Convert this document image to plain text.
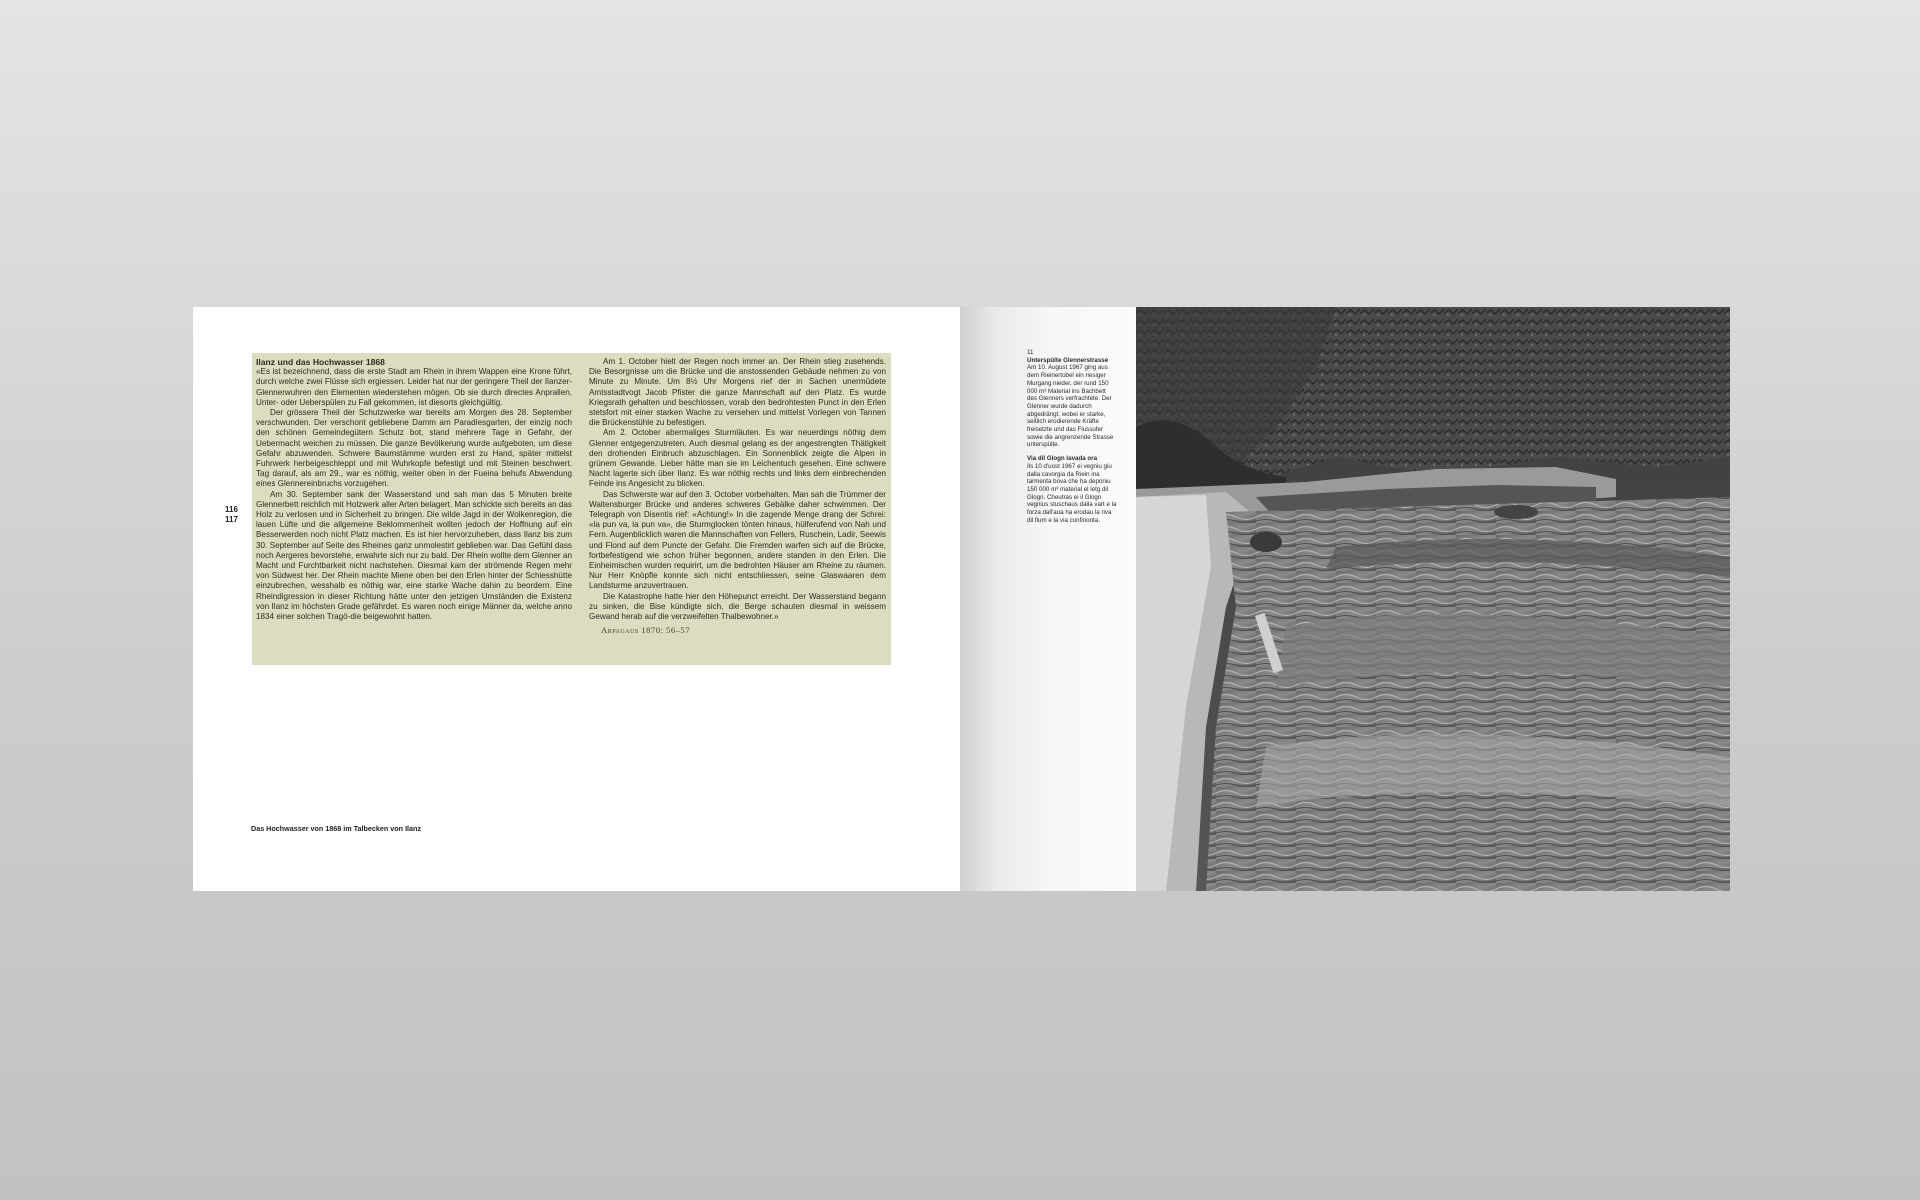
116
117

Ilanz und das Hochwasser 1868

«Es ist bezeichnend, dass die erste Stadt am Rhein in ihrem Wappen eine Krone führt, durch welche zwei Flüsse sich ergiessen. Leider hat nur der geringere Theil der Ilanzer-Glennerwuhren den Elementen wiederstehen mögen. Ob sie durch directes Anprallen, Unter- oder Ueberspülen zu Fall gekommen, ist diesorts gleichgültig.

Der grössere Theil der Schutzwerke war bereits am Morgen des 28. September verschwunden. Der verschont gebliebene Damm am Paradiesgarten, der einzig noch den schönen Gemeindegütern Schutz bot, stand mehrere Tage in Gefahr, der Uebermacht weichen zu müssen. Die ganze Bevölkerung wurde aufgeboten, um diese Gefahr abzuwenden. Schwere Baumstämme wurden erst zu Hand, später mittelst Fuhrwerk herbeigeschleppt und mit Wuhrkopfe befestigt und mit Steinen beschwert. Tag darauf, als am 29., war es nöthig, weiter oben in der Fueina behufs Abwendung eines Glennereinbruchs vorzugehen.

Am 30. September sank der Wasserstand und sah man das 5 Minuten breite Glennerbett reichlich mit Holzwerk aller Arten belagert. Man schickte sich bereits an das Holz zu verlosen und in Sicherheit zu bringen. Die wilde Jagd in der Wolkenregion, die lauen Lüfte und die allgemeine Beklommenheit wollten jedoch der Hoffnung auf ein Besserwerden noch nicht Platz machen. Es ist hier hervorzuheben, dass Ilanz bis zum 30. September auf Seite des Rheines ganz unmolestirt geblieben war. Das Gefühl dass noch Aergeres bevorstehe, erwahrte sich nur zu bald. Der Rhein wollte dem Glenner an Macht und Furchtbarkeit nicht nachstehen. Diesmal kam der strömende Regen mehr von Südwest her. Der Rhein machte Miene oben bei den Erlen hinter der Schiesshütte einzubrechen, wesshalb es nöthig war, eine starke Wache dahin zu beordern. Eine Rheindigression in dieser Richtung hätte unter den jetzigen Umständen die Existenz von Ilanz im höchsten Grade gefährdet. Es waren noch einige Männer da, welche anno 1834 einer solchen Tragö-die beigewohnt hatten.

Am 1. October hielt der Regen noch immer an. Der Rhein stieg zusehends. Die Besorgnisse um die Brücke und die anstossenden Gebäude nehmen zu von Minute zu Minute. Um 8½ Uhr Morgens rief der in Sachen unermüdete Amtsstadtvogt Jacob Pfister die ganze Mannschaft auf den Platz. Es wurde Kriegsrath gehalten und beschlossen, vorab den bedrohtesten Punct in den Erlen stetsfort mit einer starken Wache zu versehen und mittelst Vorlegen von Tannen die Brückenstühle zu befestigen.

Am 2. October abermaliges Sturmläuten. Es war neuerdings nöthig dem Glenner entgegenzutreten. Auch diesmal gelang es der angestrengten Thätigkeit den drohenden Einbruch abzuschlagen. Ein Sonnenblick zeigte die Alpen in grünem Gewande. Lieber hätte man sie im Leichentuch gesehen. Eine schwere Nacht lagerte sich über Ilanz. Es war nöthig rechts und links dem einbrechenden Feinde ins Angesicht zu blicken.

Das Schwerste war auf den 3. October vorbehalten. Man sah die Trümmer der Waltensburger Brücke und anderes schweres Gebälke daher schwimmen. Der Telegraph von Disentis rief: «Achtung!» In die zagende Menge drang der Schrei: «la pun va, la pun va», die Sturmglocken tönten hinaus, hülferufend von Nah und Fern. Augenblicklich waren die Mannschaften von Fellers, Ruschein, Ladir, Seewis und Flond auf dem Puncte der Gefahr. Die Fremden warfen sich auf die Brücke, fortbefestigend wie schon früher begonnen, andere standen in den Erlen. Die Einheimischen wurden requirirt, um die bedrohten Häuser am Rheine zu räumen. Nur Herr Knöpfle konnte sich nicht entschliessen, seine Glaswaaren dem Landsturme anzuvertrauen.

Die Katastrophe hatte hier den Höhepunct erreicht. Der Wasserstand begann zu sinken, die Bise kündigte sich, die Berge schauten diesmal in weissem Gewand herab auf die verzweifelten Thalbewohner.»

Arpagaus 1870: 56–57
Das Hochwasser von 1868 im Talbecken von Ilanz
11
Unterspülte Glennerstrasse
Am 10. August 1967 ging aus dem Rieinertobel ein riesiger Murgang nieder, der rund 150 000 m³ Material ins Bachbett des Glenners verfrachtete. Der Glenner wurde dadurch abgedrängt, wobei er starke, seitlich erodierende Kräfte freisetzte und das Flussufer sowie die angrenzende Strasse unterspülte.
Via dil Glogn lavada ora
Ils 10 d'uost 1967 ei vegniu giu dalla cavorgia da Riein ina tarmenta bova che ha deponiu 150 000 m³ material el letg dil Glogn. Cheutras ei il Glogn vegnius stuschaus dalla vart e la forza dall'aua ha erodau la riva dil flum e la via cunfinonta.
